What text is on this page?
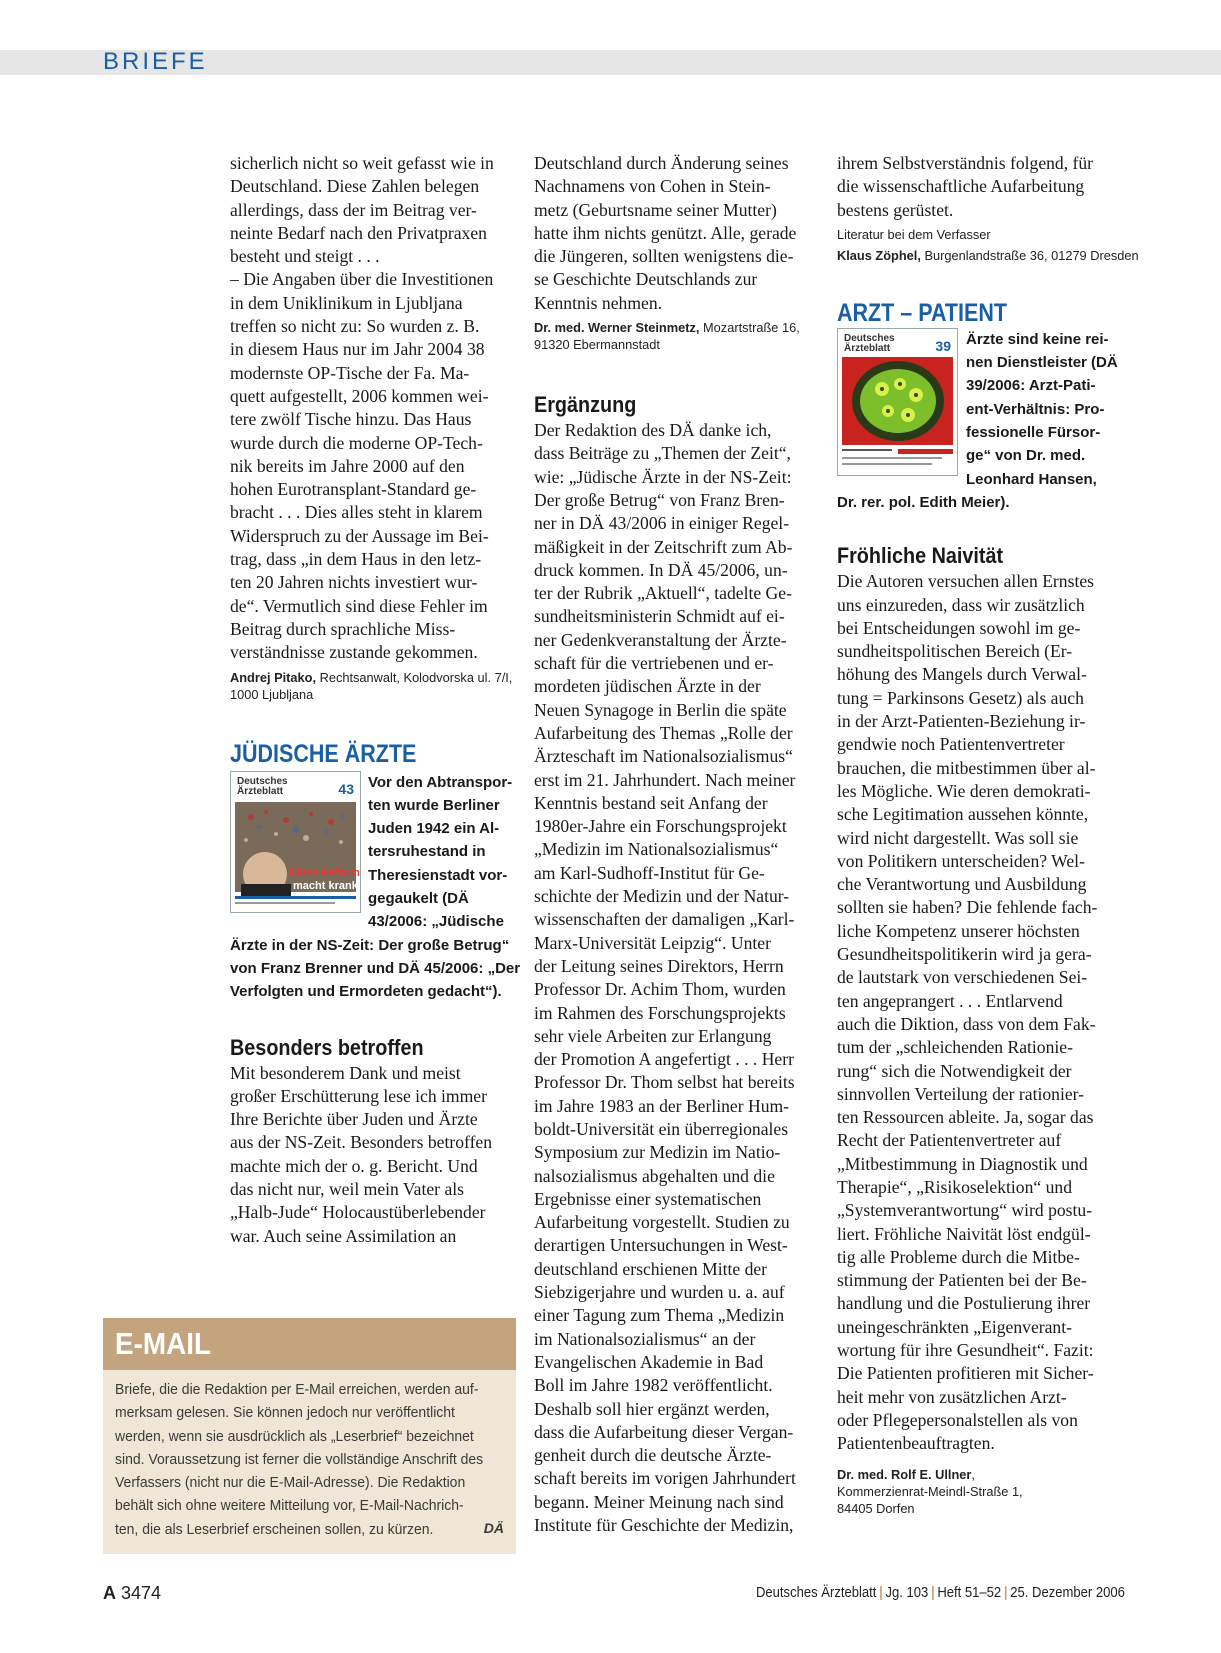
BRIEFE
sicherlich nicht so weit gefasst wie in
Deutschland. Diese Zahlen belegen
allerdings, dass der im Beitrag ver-
neinte Bedarf nach den Privatpraxen
besteht und steigt . . .
– Die Angaben über die Investitionen
in dem Uniklinikum in Ljubljana
treffen so nicht zu: So wurden z. B.
in diesem Haus nur im Jahr 2004 38
modernste OP-Tische der Fa. Ma-
quett aufgestellt, 2006 kommen wei-
tere zwölf Tische hinzu. Das Haus
wurde durch die moderne OP-Tech-
nik bereits im Jahre 2000 auf den
hohen Eurotransplant-Standard ge-
bracht . . . Dies alles steht in klarem
Widerspruch zu der Aussage im Bei-
trag, dass „in dem Haus in den letz-
ten 20 Jahren nichts investiert wur-
de“. Vermutlich sind diese Fehler im
Beitrag durch sprachliche Miss-
verständnisse zustande gekommen.
Andrej Pitako, Rechtsanwalt, Kolodvorska ul. 7/I,
1000 Ljubljana
JÜDISCHE ÄRZTE
Diese Reform
macht krank
Deutsches
Ärzteblatt	43 Vor den Abtranspor-
ten wurde Berliner
Juden 1942 ein Al-
tersruhestand in
Theresienstadt vor-
gegaukelt (DÄ
43/2006: „Jüdische
Ärzte in der NS-Zeit: Der große Betrug“
von Franz Brenner und DÄ 45/2006: „Der
Verfolgten und Ermordeten gedacht“).
Besonders betroffen
Mit besonderem Dank und meist
großer Erschütterung lese ich immer
Ihre Berichte über Juden und Ärzte
aus der NS-Zeit. Besonders betroffen
machte mich der o. g. Bericht. Und
das nicht nur, weil mein Vater als
„Halb-Jude“ Holocaustüberlebender
war. Auch seine Assimilation an
Deutschland durch Änderung seines
Nachnamens von Cohen in Stein-
metz (Geburtsname seiner Mutter)
hatte ihm nichts genützt. Alle, gerade
die Jüngeren, sollten wenigstens die-
se Geschichte Deutschlands zur
Kenntnis nehmen.
Dr. med. Werner Steinmetz, Mozartstraße 16,
91320 Ebermannstadt
Ergänzung
Der Redaktion des DÄ danke ich,
dass Beiträge zu „Themen der Zeit“,
wie: „Jüdische Ärzte in der NS-Zeit:
Der große Betrug“ von Franz Bren-
ner in DÄ 43/2006 in einiger Regel-
mäßigkeit in der Zeitschrift zum Ab-
druck kommen. In DÄ 45/2006, un-
ter der Rubrik „Aktuell“, tadelte Ge-
sundheitsministerin Schmidt auf ei-
ner Gedenkveranstaltung der Ärzte-
schaft für die vertriebenen und er-
mordeten jüdischen Ärzte in der
Neuen Synagoge in Berlin die späte
Aufarbeitung des Themas „Rolle der
Ärzteschaft im Nationalsozialismus“
erst im 21. Jahrhundert. Nach meiner
Kenntnis bestand seit Anfang der
1980er-Jahre ein Forschungsprojekt
„Medizin im Nationalsozialismus“
am Karl-Sudhoff-Institut für Ge-
schichte der Medizin und der Natur-
wissenschaften der damaligen „Karl-
Marx-Universität Leipzig“. Unter
der Leitung seines Direktors, Herrn
Professor Dr. Achim Thom, wurden
im Rahmen des Forschungsprojekts
sehr viele Arbeiten zur Erlangung
der Promotion A angefertigt . . . Herr
Professor Dr. Thom selbst hat bereits
im Jahre 1983 an der Berliner Hum-
boldt-Universität ein überregionales
Symposium zur Medizin im Natio-
nalsozialismus abgehalten und die
Ergebnisse einer systematischen
Aufarbeitung vorgestellt. Studien zu
derartigen Untersuchungen in West-
deutschland erschienen Mitte der
Siebzigerjahre und wurden u. a. auf
einer Tagung zum Thema „Medizin
im Nationalsozialismus“ an der
Evangelischen Akademie in Bad
Boll im Jahre 1982 veröffentlicht.
Deshalb soll hier ergänzt werden,
dass die Aufarbeitung dieser Vergan-
genheit durch die deutsche Ärzte-
schaft bereits im vorigen Jahrhundert
begann. Meiner Meinung nach sind
Institute für Geschichte der Medizin,
ihrem Selbstverständnis folgend, für
die wissenschaftliche Aufarbeitung
bestens gerüstet.
Literatur bei dem Verfasser
Klaus Zöphel, Burgenlandstraße 36, 01279 Dresden
ARZT – PATIENT
Deutsches
Ärzteblatt	39	Ärzte sind keine rei-
nen Dienstleister (DÄ
39/2006: Arzt-Pati-
ent-Verhältnis: Pro-
fessionelle Fürsor-
ge“ von Dr. med.
Leonhard Hansen,
Dr. rer. pol. Edith Meier).
Fröhliche Naivität
Die Autoren versuchen allen Ernstes
uns einzureden, dass wir zusätzlich
bei Entscheidungen sowohl im ge-
sundheitspolitischen Bereich (Er-
höhung des Mangels durch Verwal-
tung = Parkinsons Gesetz) als auch
in der Arzt-Patienten-Beziehung ir-
gendwie noch Patientenvertreter
brauchen, die mitbestimmen über al-
les Mögliche. Wie deren demokrati-
sche Legitimation aussehen könnte,
wird nicht dargestellt. Was soll sie
von Politikern unterscheiden? Wel-
che Verantwortung und Ausbildung
sollten sie haben? Die fehlende fach-
liche Kompetenz unserer höchsten
Gesundheitspolitikerin wird ja gera-
de lautstark von verschiedenen Sei-
ten angeprangert . . . Entlarvend
auch die Diktion, dass von dem Fak-
tum der „schleichenden Rationie-
rung“ sich die Notwendigkeit der
sinnvollen Verteilung der rationier-
ten Ressourcen ableite. Ja, sogar das
Recht der Patientenvertreter auf
„Mitbestimmung in Diagnostik und
Therapie“, „Risikoselektion“ und
„Systemverantwortung“ wird postu-
liert. Fröhliche Naivität löst endgül-
tig alle Probleme durch die Mitbe-
stimmung der Patienten bei der Be-
handlung und die Postulierung ihrer
uneingeschränkten „Eigenverant-
wortung für ihre Gesundheit“. Fazit:
Die Patienten profitieren mit Sicher-
heit mehr von zusätzlichen Arzt-
oder Pflegepersonalstellen als von
Patientenbeauftragten.
Dr. med. Rolf E. Ullner,
Kommerzienrat-Meindl-Straße 1,
84405 Dorfen
E-MAIL
Briefe, die die Redaktion per E-Mail erreichen, werden auf-
merksam gelesen. Sie können jedoch nur veröffentlicht
werden, wenn sie ausdrücklich als „Leserbrief“ bezeichnet
sind. Voraussetzung ist ferner die vollständige Anschrift des
Verfassers (nicht nur die E-Mail-Adresse). Die Redaktion
behält sich ohne weitere Mitteilung vor, E-Mail-Nachrich-
ten, die als Leserbrief erscheinen sollen, zu kürzen.	DÄ
A 3474	Deutsches Ärzteblatt | Jg. 103 | Heft 51–52 | 25. Dezember 2006
